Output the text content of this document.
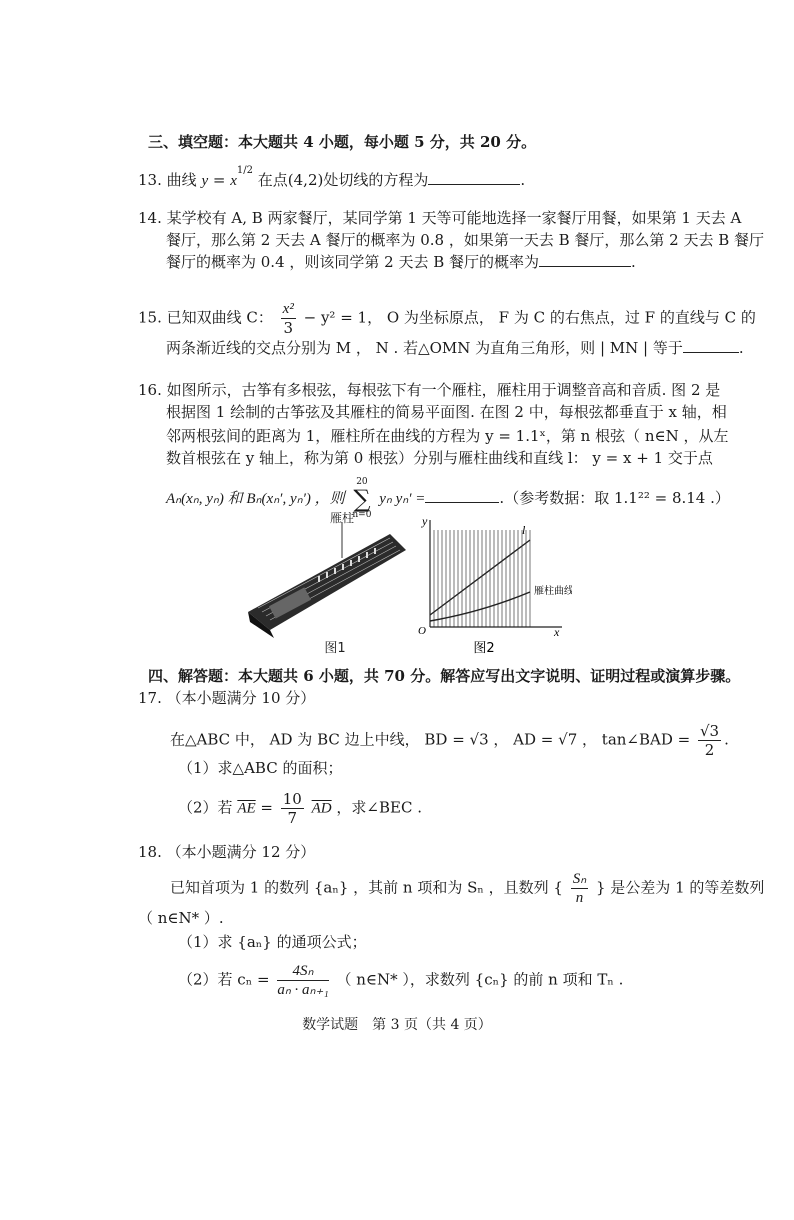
三、填空题：本大题共 4 小题，每小题 5 分，共 20 分。
13. 曲线 $y = x^{1/2}$ 在点(4,2)处切线的方程为	.
14. 某学校有 A, B 两家餐厅，某同学第 1 天等可能地选择一家餐厅用餐，如果第 1 天去 A
餐厅，那么第 2 天去 A 餐厅的概率为 0.8 ，如果第一天去 B 餐厅，那么第 2 天去 B 餐厅
餐厅的概率为 0.4 ，则该同学第 2 天去 B 餐厅的概率为	.
15. 已知双曲线 C： $\frac{\text{x²}}{3} - y^2 = 1$， O 为坐标原点， F 为 C 的右焦点，过 F 的直线与 C 的
两条渐近线的交点分别为 M ， N . 若△OMN 为直角三角形，则 | MN | 等于	.
16. 如图所示，古筝有多根弦，每根弦下有一个雁柱，雁柱用于调整音高和音质. 图 2 是
根据图 1 绘制的古筝弦及其雁柱的简易平面图. 在图 2 中，每根弦都垂直于 x 轴，相
邻两根弦间的距离为 1，雁柱所在曲线的方程为 y = 1.1ˣ，第 n 根弦（ n∈N ，从左
数首根弦在 y 轴上，称为第 0 根弦）分别与雁柱曲线和直线 l： y = x + 1 交于点
Aₙ(xₙ, yₙ) 和 Bₙ(xₙ′, yₙ′) ，则
20
∑
n=0
yₙ yₙ′ =	.（参考数据：取 1.1²² = 8.14 .）
雁柱
图1
y
x
O
l
雁柱曲线
图2
四、解答题：本大题共 6 小题，共 70 分。解答应写出文字说明、证明过程或演算步骤。
17. （本小题满分 10 分）
在△ABC 中， AD 为 BC 边上中线， BD = √3 ， AD = √7 ， tan∠BAD = $\frac{√3}{2}$ .
（1）求△ABC 的面积；
（2）若 $\overline{AE} = \frac{10}{7} \overline{AD}$ ，求∠BEC .
18. （本小题满分 12 分）
已知首项为 1 的数列 {aₙ} ，其前 n 项和为 Sₙ ，且数列 { $\frac{\text{Sₙ}}{n}$ } 是公差为 1 的等差数列
（ n∈N* ）.
（1）求 {aₙ} 的通项公式；
（2）若 $c_n = \frac{\text{4Sₙ}}{\text{aₙ · aₙ₊₁}}$ （ n∈N* ），求数列 {cₙ} 的前 n 项和 Tₙ .
数学试题　第 3 页（共 4 页）
